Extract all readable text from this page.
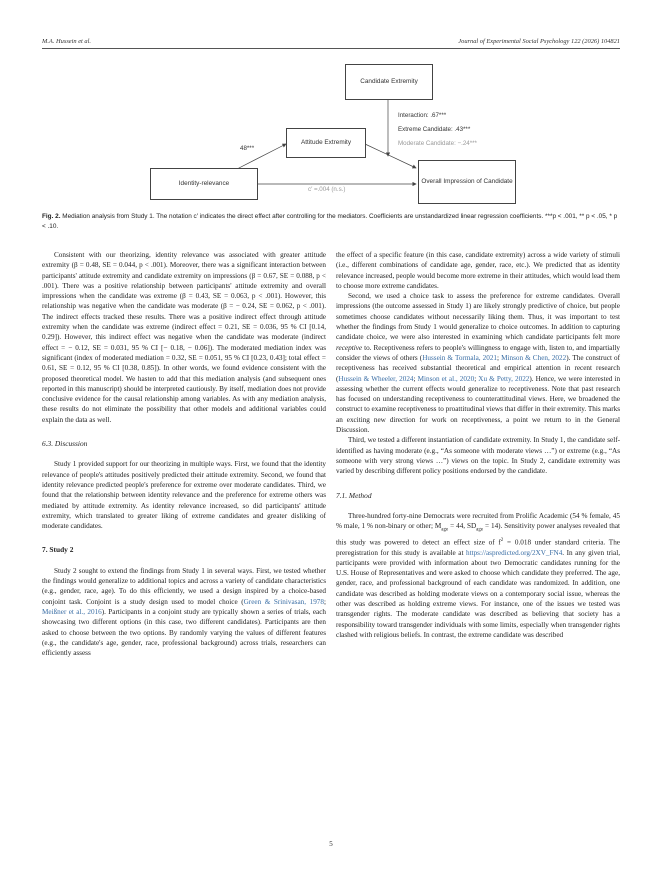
M.A. Hussein et al.	Journal of Experimental Social Psychology 122 (2026) 104821
Candidate Extremity
Attitude Extremity
Identity-relevance	Overall Impression of Candidate
48***
Interaction: .67***
Extreme Candidate: .43***
Moderate Candidate: −.24***
c′ =.004 (n.s.)
Fig. 2. Mediation analysis from Study 1. The notation c′ indicates the direct effect after controlling for the mediators. Coefficients are unstandardized linear regression coefficients. ***p < .001, ** p < .05, * p < .10.

Consistent with our theorizing, identity relevance was associated with greater attitude extremity (β = 0.48, SE = 0.044, p < .001). Moreover, there was a significant interaction between participants' attitude extremity and candidate extremity on impressions (β = 0.67, SE = 0.088, p < .001). There was a positive relationship between participants' attitude extremity and overall impressions when the candidate was extreme (β = 0.43, SE = 0.063, p < .001). However, this relationship was negative when the candidate was moderate (β = − 0.24, SE = 0.062, p < .001). The indirect effects tracked these results. There was a positive indirect effect through attitude extremity when the candidate was extreme (indirect effect = 0.21, SE = 0.036, 95 % CI [0.14, 0.29]). However, this indirect effect was negative when the candidate was moderate (indirect effect = − 0.12, SE = 0.031, 95 % CI [− 0.18, − 0.06]). The moderated mediation index was significant (index of moderated mediation = 0.32, SE = 0.051, 95 % CI [0.23, 0.43]; total effect = 0.61, SE = 0.12, 95 % CI [0.38, 0.85]). In other words, we found evidence consistent with the proposed theoretical model. We hasten to add that this mediation analysis (and subsequent ones reported in this manuscript) should be interpreted cautiously. By itself, mediation does not provide conclusive evidence for the causal relationship among variables. As with any mediation analysis, these results do not eliminate the possibility that other models and additional variables could explain the data as well.

6.3. Discussion

Study 1 provided support for our theorizing in multiple ways. First, we found that the identity relevance of people's attitudes positively predicted their attitude extremity. Second, we found that identity relevance predicted people's preference for extreme over moderate candidates. Third, we found that the relationship between identity relevance and the preference for extreme others was mediated by attitude extremity. As identity relevance increased, so did participants' attitude extremity, which translated to greater liking of extreme candidates and greater disliking of moderate candidates.

7. Study 2

Study 2 sought to extend the findings from Study 1 in several ways. First, we tested whether the findings would generalize to additional topics and across a variety of candidate characteristics (e.g., gender, race, age). To do this efficiently, we used a design inspired by a choice-based conjoint task. Conjoint is a study design used to model choice (Green & Srinivasan, 1978; Meißner et al., 2016). Participants in a conjoint study are typically shown a series of trials, each showcasing two different options (in this case, two different candidates). Participants are then asked to choose between the two options. By randomly varying the values of different features (e.g., the candidate's age, gender, race, professional background) across trials, researchers can efficiently assess

the effect of a specific feature (in this case, candidate extremity) across a wide variety of stimuli (i.e., different combinations of candidate age, gender, race, etc.). We predicted that as identity relevance increased, people would become more extreme in their attitudes, which would lead them to choose more extreme candidates.

Second, we used a choice task to assess the preference for extreme candidates. Overall impressions (the outcome assessed in Study 1) are likely strongly predictive of choice, but people sometimes choose candidates without necessarily liking them. Thus, it was important to test whether the findings from Study 1 would generalize to choice outcomes. In addition to capturing candidate choice, we were also interested in examining which candidate participants felt more receptive to. Receptiveness refers to people's willingness to engage with, listen to, and impartially consider the views of others (Hussein & Tormala, 2021; Minson & Chen, 2022). The construct of receptiveness has received substantial theoretical and empirical attention in recent research (Hussein & Wheeler, 2024; Minson et al., 2020; Xu & Petty, 2022). Hence, we were interested in assessing whether the current effects would generalize to receptiveness. Note that past research has focused on understanding receptiveness to counterattitudinal views. Here, we broadened the construct to examine receptiveness to proattitudinal views that differ in their extremity. This marks an exciting new direction for work on receptiveness, a point we return to in the General Discussion.

Third, we tested a different instantiation of candidate extremity. In Study 1, the candidate self-identified as having moderate (e.g., “As someone with moderate views …”) or extreme (e.g., “As someone with very strong views …”) views on the topic. In Study 2, candidate extremity was varied by describing different policy positions endorsed by the candidate.

7.1. Method

Three-hundred forty-nine Democrats were recruited from Prolific Academic (54 % female, 45 % male, 1 % non-binary or other; $M_{age} = 44$, $SD_{age} = 14$). Sensitivity power analyses revealed that this study was powered to detect an effect size of $f^2 = 0.018$ under standard criteria. The preregistration for this study is available at https://aspredicted.org/2XV_FN4. In any given trial, participants were provided with information about two Democratic candidates running for the U.S. House of Representatives and were asked to choose which candidate they preferred. The age, gender, race, and professional background of each candidate was randomized. In addition, one candidate was described as holding moderate views on a contemporary social issue, whereas the other was described as holding extreme views. For instance, one of the issues we tested was transgender rights. The moderate candidate was described as believing that society has a responsibility toward transgender individuals with some limits, especially when transgender rights clashed with religious beliefs. In contrast, the extreme candidate was described

5
